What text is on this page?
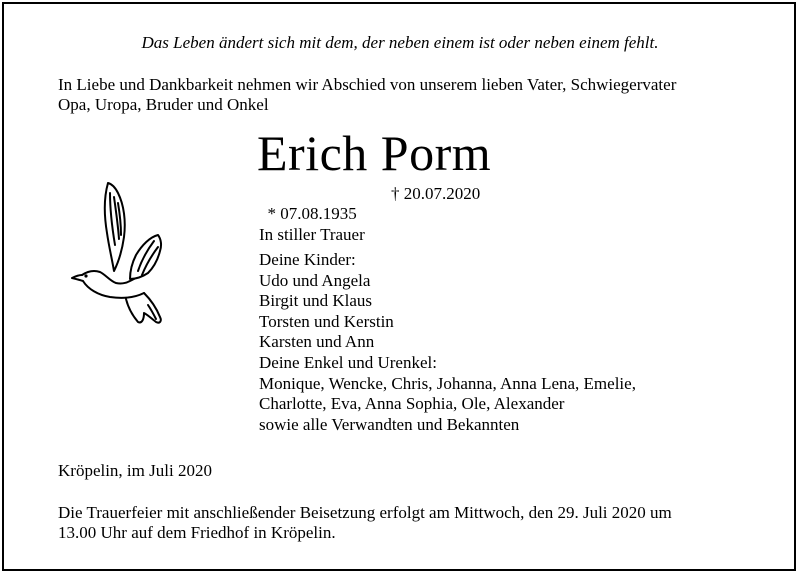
Das Leben ändert sich mit dem, der neben einem ist oder neben einem fehlt.
In Liebe und Dankbarkeit nehmen wir Abschied von unserem lieben Vater, Schwiegervater
Opa, Uropa, Bruder und Onkel
Erich Porm

* 07.08.1935

† 20.07.2020

In stiller Trauer
Deine Kinder:
Udo und Angela
Birgit und Klaus
Torsten und Kerstin
Karsten und Ann
Deine Enkel und Urenkel:
Monique, Wencke, Chris, Johanna, Anna Lena, Emelie,
Charlotte, Eva, Anna Sophia, Ole, Alexander
sowie alle Verwandten und Bekannten
Kröpelin, im Juli 2020
Die Trauerfeier mit anschließender Beisetzung erfolgt am Mittwoch, den 29. Juli 2020 um
13.00 Uhr auf dem Friedhof in Kröpelin.
